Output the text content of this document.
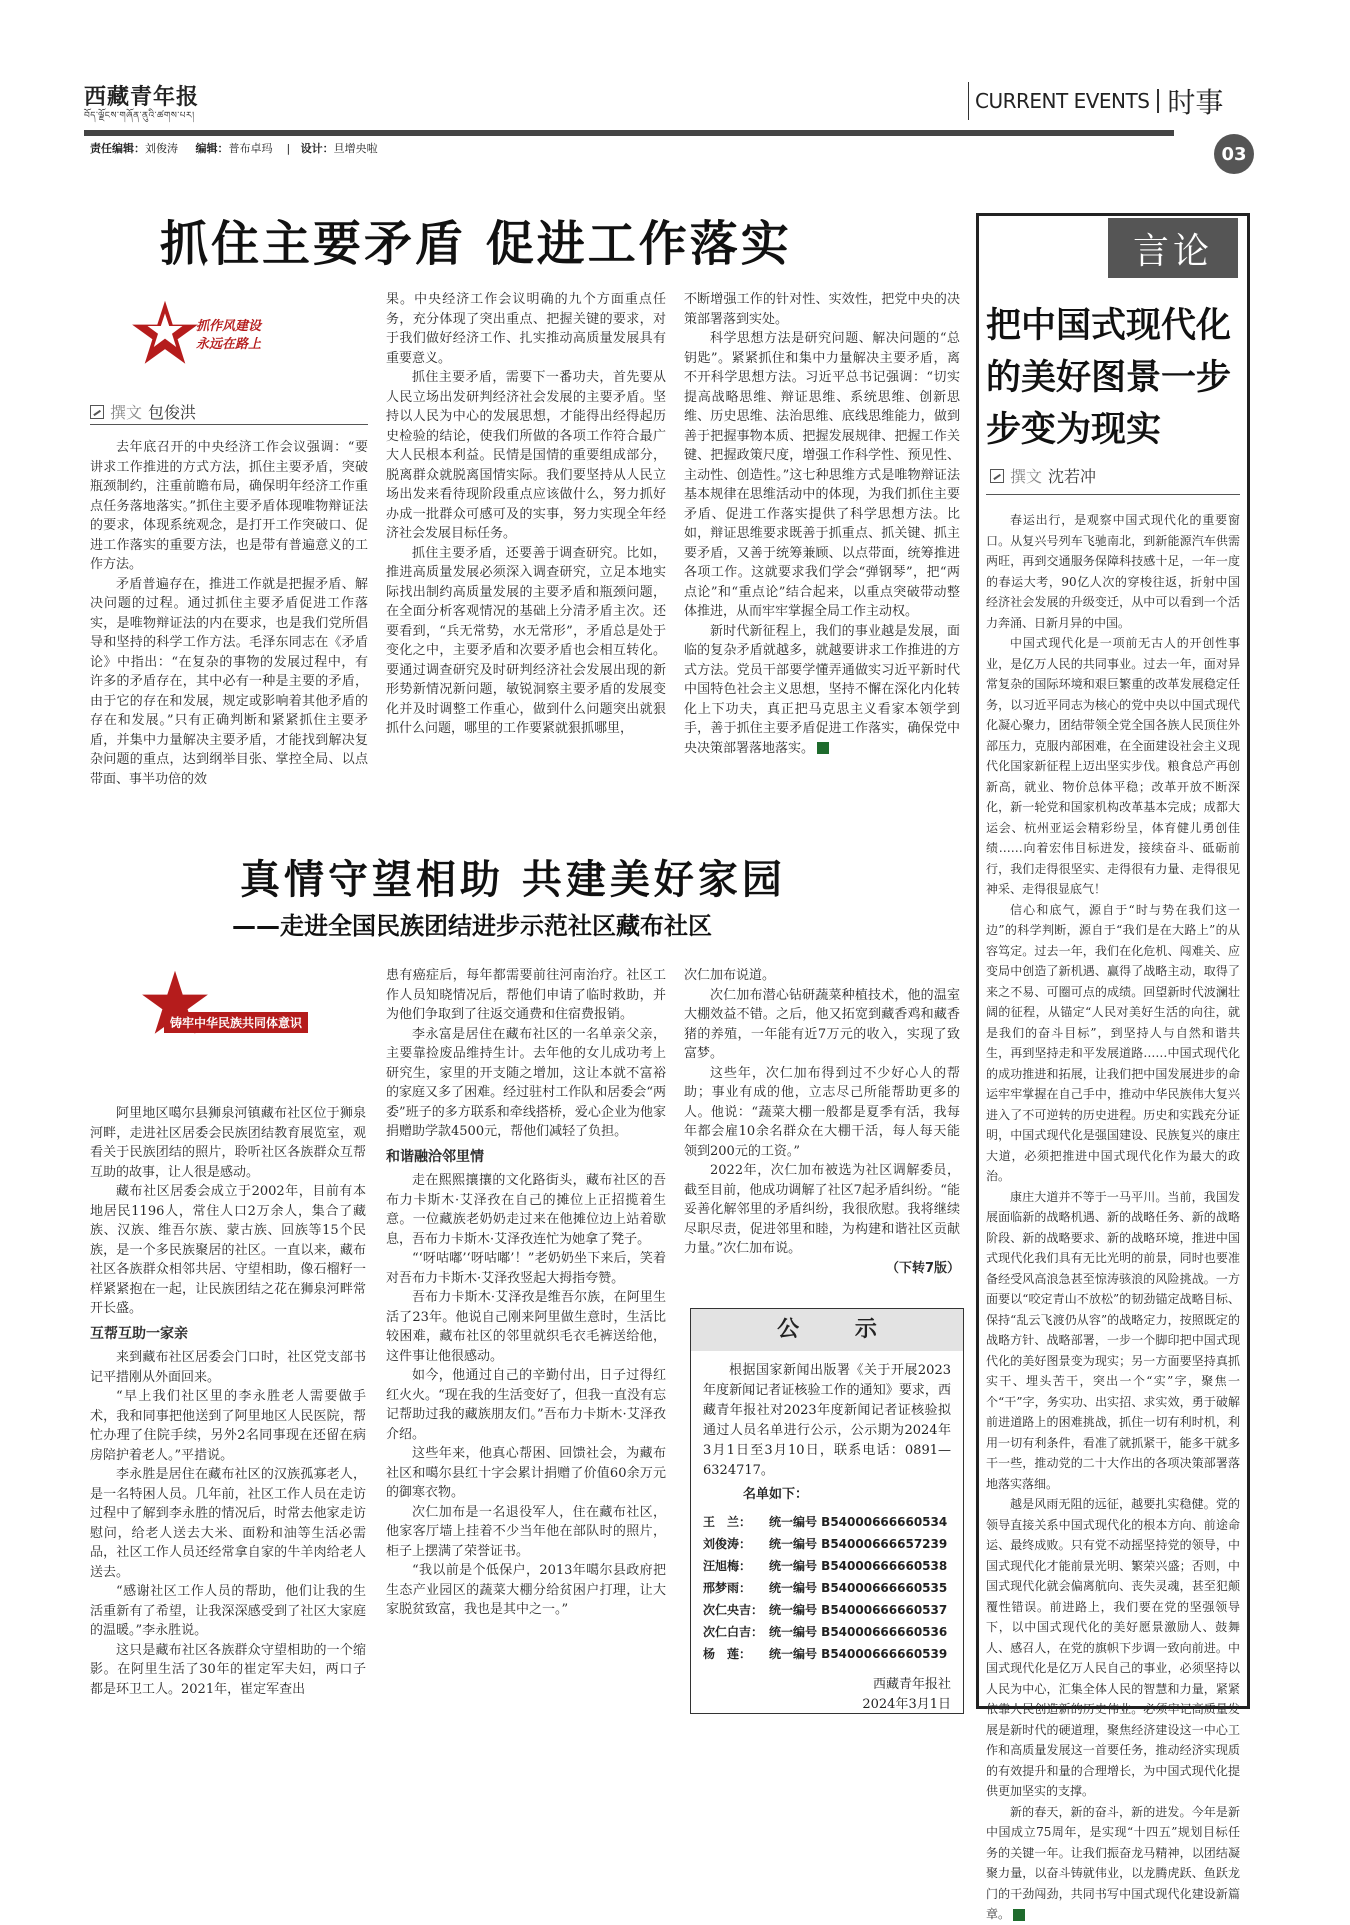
西藏青年报
བོད་ལྗོངས་གཞོན་ནུའི་ཚགས་པར།
CURRENT EVENTS 时事
责任编辑：刘俊涛 编辑：普布卓玛    |   设计：旦增央啦	03
抓住主要矛盾 促进工作落实
抓作风建设
永远在路上
撰文 包俊洪

去年底召开的中央经济工作会议强调：“要讲求工作推进的方式方法，抓住主要矛盾，突破瓶颈制约，注重前瞻布局，确保明年经济工作重点任务落地落实。”抓住主要矛盾体现唯物辩证法的要求，体现系统观念，是打开工作突破口、促进工作落实的重要方法，也是带有普遍意义的工作方法。

矛盾普遍存在，推进工作就是把握矛盾、解决问题的过程。通过抓住主要矛盾促进工作落实，是唯物辩证法的内在要求，也是我们党所倡导和坚持的科学工作方法。毛泽东同志在《矛盾论》中指出：“在复杂的事物的发展过程中，有许多的矛盾存在，其中必有一种是主要的矛盾，由于它的存在和发展，规定或影响着其他矛盾的存在和发展。”只有正确判断和紧紧抓住主要矛盾，并集中力量解决主要矛盾，才能找到解决复杂问题的重点，达到纲举目张、掌控全局、以点带面、事半功倍的效

果。中央经济工作会议明确的九个方面重点任务，充分体现了突出重点、把握关键的要求，对于我们做好经济工作、扎实推动高质量发展具有重要意义。

抓住主要矛盾，需要下一番功夫，首先要从人民立场出发研判经济社会发展的主要矛盾。坚持以人民为中心的发展思想，才能得出经得起历史检验的结论，使我们所做的各项工作符合最广大人民根本利益。民情是国情的重要组成部分，脱离群众就脱离国情实际。我们要坚持从人民立场出发来看待现阶段重点应该做什么，努力抓好办成一批群众可感可及的实事，努力实现全年经济社会发展目标任务。

抓住主要矛盾，还要善于调查研究。比如，推进高质量发展必须深入调查研究，立足本地实际找出制约高质量发展的主要矛盾和瓶颈问题，在全面分析客观情况的基础上分清矛盾主次。还要看到，“兵无常势，水无常形”，矛盾总是处于变化之中，主要矛盾和次要矛盾也会相互转化。要通过调查研究及时研判经济社会发展出现的新形势新情况新问题，敏锐洞察主要矛盾的发展变化并及时调整工作重心，做到什么问题突出就狠抓什么问题，哪里的工作要紧就狠抓哪里，

不断增强工作的针对性、实效性，把党中央的决策部署落到实处。

科学思想方法是研究问题、解决问题的“总钥匙”。紧紧抓住和集中力量解决主要矛盾，离不开科学思想方法。习近平总书记强调：“切实提高战略思维、辩证思维、系统思维、创新思维、历史思维、法治思维、底线思维能力，做到善于把握事物本质、把握发展规律、把握工作关键、把握政策尺度，增强工作科学性、预见性、主动性、创造性。”这七种思维方式是唯物辩证法基本规律在思维活动中的体现，为我们抓住主要矛盾、促进工作落实提供了科学思想方法。比如，辩证思维要求既善于抓重点、抓关键、抓主要矛盾，又善于统筹兼顾、以点带面，统筹推进各项工作。这就要求我们学会“弹钢琴”，把“两点论”和“重点论”结合起来，以重点突破带动整体推进，从而牢牢掌握全局工作主动权。

新时代新征程上，我们的事业越是发展，面临的复杂矛盾就越多，就越要讲求工作推进的方式方法。党员干部要学懂弄通做实习近平新时代中国特色社会主义思想，坚持不懈在深化内化转化上下功夫，真正把马克思主义看家本领学到手，善于抓住主要矛盾促进工作落实，确保党中央决策部署落地落实。

真情守望相助 共建美好家园
——走进全国民族团结进步示范社区藏布社区
铸牢中华民族共同体意识

阿里地区噶尔县狮泉河镇藏布社区位于狮泉河畔，走进社区居委会民族团结教育展览室，观看关于民族团结的照片，聆听社区各族群众互帮互助的故事，让人很是感动。

藏布社区居委会成立于2002年，目前有本地居民1196人，常住人口2万余人，集合了藏族、汉族、维吾尔族、蒙古族、回族等15个民族，是一个多民族聚居的社区。一直以来，藏布社区各族群众相邻共居、守望相助，像石榴籽一样紧紧抱在一起，让民族团结之花在狮泉河畔常开长盛。

互帮互助一家亲

来到藏布社区居委会门口时，社区党支部书记平措刚从外面回来。

“早上我们社区里的李永胜老人需要做手术，我和同事把他送到了阿里地区人民医院，帮忙办理了住院手续，另外2名同事现在还留在病房陪护着老人。”平措说。

李永胜是居住在藏布社区的汉族孤寡老人，是一名特困人员。几年前，社区工作人员在走访过程中了解到李永胜的情况后，时常去他家走访慰问，给老人送去大米、面粉和油等生活必需品，社区工作人员还经常拿自家的牛羊肉给老人送去。

“感谢社区工作人员的帮助，他们让我的生活重新有了希望，让我深深感受到了社区大家庭的温暖。”李永胜说。

这只是藏布社区各族群众守望相助的一个缩影。在阿里生活了30年的崔定军夫妇，两口子都是环卫工人。2021年，崔定军查出

患有癌症后，每年都需要前往河南治疗。社区工作人员知晓情况后，帮他们申请了临时救助，并为他们争取到了往返交通费和住宿费报销。

李永富是居住在藏布社区的一名单亲父亲，主要靠捡废品维持生计。去年他的女儿成功考上研究生，家里的开支随之增加，这让本就不富裕的家庭又多了困难。经过驻村工作队和居委会“两委”班子的多方联系和牵线搭桥，爱心企业为他家捐赠助学款4500元，帮他们减轻了负担。

和谐融洽邻里情

走在熙熙攘攘的文化路街头，藏布社区的吾布力卡斯木·艾泽孜在自己的摊位上正招揽着生意。一位藏族老奶奶走过来在他摊位边上站着歇息，吾布力卡斯木·艾泽孜连忙为她拿了凳子。

“‘呀咕嘟’‘呀咕嘟’！”老奶奶坐下来后，笑着对吾布力卡斯木·艾泽孜竖起大拇指夸赞。

吾布力卡斯木·艾泽孜是维吾尔族，在阿里生活了23年。他说自己刚来阿里做生意时，生活比较困难，藏布社区的邻里就织毛衣毛裤送给他，这件事让他很感动。

如今，他通过自己的辛勤付出，日子过得红红火火。“现在我的生活变好了，但我一直没有忘记帮助过我的藏族朋友们。”吾布力卡斯木·艾泽孜介绍。

这些年来，他真心帮困、回馈社会，为藏布社区和噶尔县红十字会累计捐赠了价值60余万元的御寒衣物。

次仁加布是一名退役军人，住在藏布社区，他家客厅墙上挂着不少当年他在部队时的照片，柜子上摆满了荣誉证书。

“我以前是个低保户，2013年噶尔县政府把生态产业园区的蔬菜大棚分给贫困户打理，让大家脱贫致富，我也是其中之一。”

次仁加布说道。

次仁加布潜心钻研蔬菜种植技术，他的温室大棚效益不错。之后，他又拓宽到藏香鸡和藏香猪的养殖，一年能有近7万元的收入，实现了致富梦。

这些年，次仁加布得到过不少好心人的帮助；事业有成的他，立志尽己所能帮助更多的人。他说：“蔬菜大棚一般都是夏季有活，我每年都会雇10余名群众在大棚干活，每人每天能领到200元的工资。”

2022年，次仁加布被选为社区调解委员，截至目前，他成功调解了社区7起矛盾纠纷。“能妥善化解邻里的矛盾纠纷，我很欣慰。我将继续尽职尽责，促进邻里和睦，为构建和谐社区贡献力量。”次仁加布说。

（下转7版）
公 示

根据国家新闻出版署《关于开展2023年度新闻记者证核验工作的通知》要求，西藏青年报社对2023年度新闻记者证核验拟通过人员名单进行公示，公示期为2024年3月1日至3月10日，联系电话：0891—6324717。

名单如下：
王　兰：	统一编号 B54000666660534
刘俊涛：	统一编号 B54000666657239
汪旭梅：	统一编号 B54000666660538
邢梦雨：	统一编号 B54000666660535
次仁央吉：	统一编号 B54000666660537
次仁白吉：	统一编号 B54000666660536
杨　莲：	统一编号 B54000666660539
西藏青年报社
2024年3月1日
言论
把中国式现代化的美好图景一步步变为现实
撰文 沈若冲

春运出行，是观察中国式现代化的重要窗口。从复兴号列车飞驰南北，到新能源汽车供需两旺，再到交通服务保障科技感十足，一年一度的春运大考，90亿人次的穿梭往返，折射中国经济社会发展的升级变迁，从中可以看到一个活力奔涌、日新月异的中国。

中国式现代化是一项前无古人的开创性事业，是亿万人民的共同事业。过去一年，面对异常复杂的国际环境和艰巨繁重的改革发展稳定任务，以习近平同志为核心的党中央以中国式现代化凝心聚力，团结带领全党全国各族人民顶住外部压力，克服内部困难，在全面建设社会主义现代化国家新征程上迈出坚实步伐。粮食总产再创新高，就业、物价总体平稳；改革开放不断深化，新一轮党和国家机构改革基本完成；成都大运会、杭州亚运会精彩纷呈，体育健儿勇创佳绩……向着宏伟目标进发，接续奋斗、砥砺前行，我们走得很坚实、走得很有力量、走得很见神采、走得很显底气！

信心和底气，源自于“时与势在我们这一边”的科学判断，源自于“我们是在大路上”的从容笃定。过去一年，我们在化危机、闯难关、应变局中创造了新机遇、赢得了战略主动，取得了来之不易、可圈可点的成绩。回望新时代波澜壮阔的征程，从锚定“人民对美好生活的向往，就是我们的奋斗目标”，到坚持人与自然和谐共生，再到坚持走和平发展道路……中国式现代化的成功推进和拓展，让我们把中国发展进步的命运牢牢掌握在自己手中，推动中华民族伟大复兴进入了不可逆转的历史进程。历史和实践充分证明，中国式现代化是强国建设、民族复兴的康庄大道，必须把推进中国式现代化作为最大的政治。

康庄大道并不等于一马平川。当前，我国发展面临新的战略机遇、新的战略任务、新的战略阶段、新的战略要求、新的战略环境，推进中国式现代化我们具有无比光明的前景，同时也要准备经受风高浪急甚至惊涛骇浪的风险挑战。一方面要以“咬定青山不放松”的韧劲锚定战略目标、保持“乱云飞渡仍从容”的战略定力，按照既定的战略方针、战略部署，一步一个脚印把中国式现代化的美好图景变为现实；另一方面要坚持真抓实干、埋头苦干，突出一个“实”字，聚焦一个“干”字，务实功、出实招、求实效，勇于破解前进道路上的困难挑战，抓住一切有利时机，利用一切有利条件，看准了就抓紧干，能多干就多干一些，推动党的二十大作出的各项决策部署落地落实落细。

越是风雨无阻的远征，越要扎实稳健。党的领导直接关系中国式现代化的根本方向、前途命运、最终成败。只有党不动摇坚持党的领导，中国式现代化才能前景光明、繁荣兴盛；否则，中国式现代化就会偏离航向、丧失灵魂，甚至犯颠覆性错误。前进路上，我们要在党的坚强领导下，以中国式现代化的美好愿景激励人、鼓舞人、感召人，在党的旗帜下步调一致向前进。中国式现代化是亿万人民自己的事业，必须坚持以人民为中心，汇集全体人民的智慧和力量，紧紧依靠人民创造新的历史伟业。必须牢记高质量发展是新时代的硬道理，聚焦经济建设这一中心工作和高质量发展这一首要任务，推动经济实现质的有效提升和量的合理增长，为中国式现代化提供更加坚实的支撑。

新的春天，新的奋斗，新的进发。今年是新中国成立75周年，是实现“十四五”规划目标任务的关键一年。让我们振奋龙马精神，以团结凝聚力量，以奋斗铸就伟业，以龙腾虎跃、鱼跃龙门的干劲闯劲，共同书写中国式现代化建设新篇章。
